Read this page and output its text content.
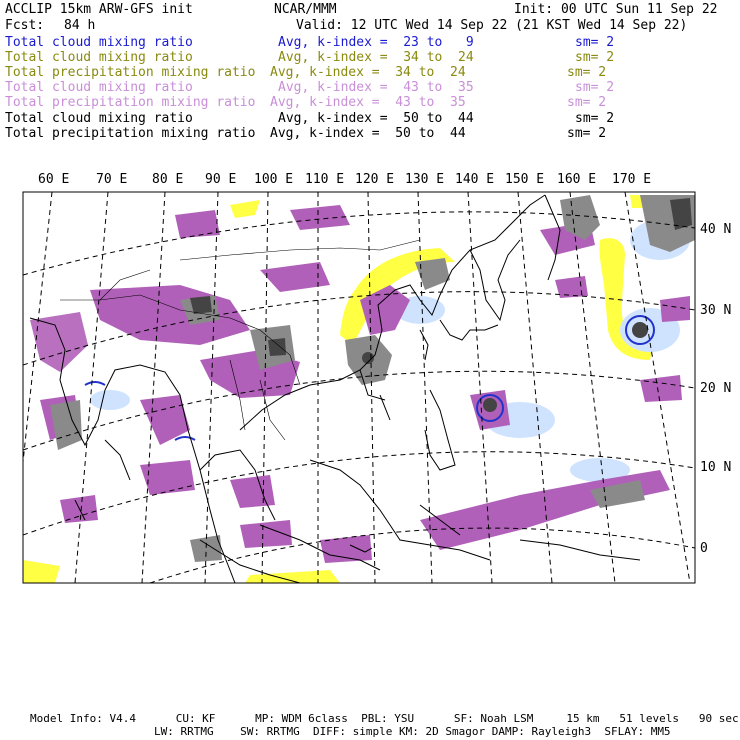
ACCLIP 15km ARW-GFS init	NCAR/MMM	Init: 00 UTC Sun 11 Sep 22
Fcst: 84 h	Valid: 12 UTC Wed 14 Sep 22 (21 KST Wed 14 Sep 22)
Total cloud mixing ratio	Avg, k-index =  23 to   9	sm= 2
Total cloud mixing ratio	Avg, k-index =  34 to  24	sm= 2
Total precipitation mixing ratio Avg, k-index =  34 to  24	sm= 2
Total cloud mixing ratio	Avg, k-index =  43 to  35	sm= 2
Total precipitation mixing ratio Avg, k-index =  43 to  35	sm= 2
Total cloud mixing ratio	Avg, k-index =  50 to  44	sm= 2
Total precipitation mixing ratio Avg, k-index =  50 to  44	sm= 2
60 E 70 E 80 E 90 E 100 E 110 E 120 E 130 E 140 E 150 E 160 E 170 E
40 N
30 N
20 N
10 N
0
Model Info: V4.4      CU: KF      MP: WDM 6class  PBL: YSU      SF: Noah LSM     15 km   51 levels   90 sec
LW: RRTMG    SW: RRTMG  DIFF: simple KM: 2D Smagor DAMP: Rayleigh3  SFLAY: MM5
